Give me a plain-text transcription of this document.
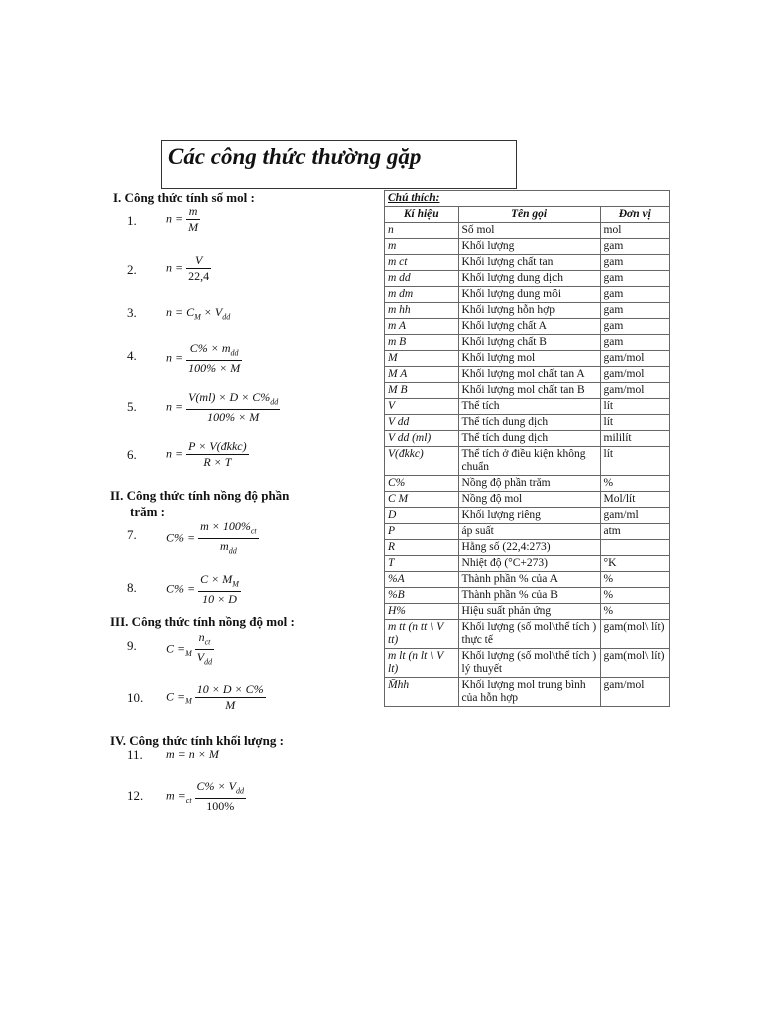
Các công thức thường gặp
I. Công thức tính số mol :
II. Công thức tính nồng độ phần
trăm :
III. Công thức tính nồng độ mol :
IV. Công thức tính khối lượng :
1.
2.
3.
4.
5.
6.
7.
8.
9.
10.
11.
12.
$n = \frac{m}{M}$
$n = \frac{V}{22,4}$
$n = C_M \times V_{dd}$
$n = \frac{C\% \times m_{dd}}{100\% \times M}$
$n = \frac{V(ml) \times D \times C\%_{dd}}{100\% \times M}$
$n = \frac{\text{P × V(đkkc)}}{R \times T}$
$C\% = \frac{m \times 100\%_{ct}}{m_{dd}}$
$C\% = \frac{C \times M_M}{10 \times D}$
$C =_M \frac{n_{ct}}{V_{dd}}$
$C =_M \frac{10 \times D \times C\%}{M}$
m = n × M
$m =_{ct} \frac{C\% \times V_{dd}}{100\%}$
Chú thích:		
Kí hiệu	Tên gọi	Đơn vị
n	Số mol	mol
m	Khối lượng	gam
m ct	Khối lượng chất tan	gam
m dd	Khối lượng dung dịch	gam
m dm	Khối lượng dung môi	gam
m hh	Khối lượng hỗn hợp	gam
m A	Khối lượng chất A	gam
m B	Khối lượng chất B	gam
M	Khối lượng mol	gam/mol
M A	Khối lượng mol chất tan A	gam/mol
M B	Khối lượng mol chất tan B	gam/mol
V	Thể tích	lít
V dd	Thể tích dung dịch	lít
V dd (ml)	Thể tích dung dịch	mililít
V(đkkc)	Thể tích ở điều kiện không chuẩn	lít
C%	Nồng độ phần trăm	%
C M	Nồng độ mol	Mol/lít
D	Khối lượng riêng	gam/ml
P	áp suất	atm
R	Hằng số (22,4:273)	
T	Nhiệt độ (°C+273)	°K
%A	Thành phần % của A	%
%B	Thành phần % của B	%
H%	Hiệu suất phản ứng	%
m tt (n tt \ V tt)	Khối lượng (số mol\thể tích ) thực tế	gam(mol\ lít)
m lt (n lt \ V lt)	Khối lượng (số mol\thể tích ) lý thuyết	gam(mol\ lít)
M̄hh	Khối lượng mol trung bình của hỗn hợp	gam/mol
